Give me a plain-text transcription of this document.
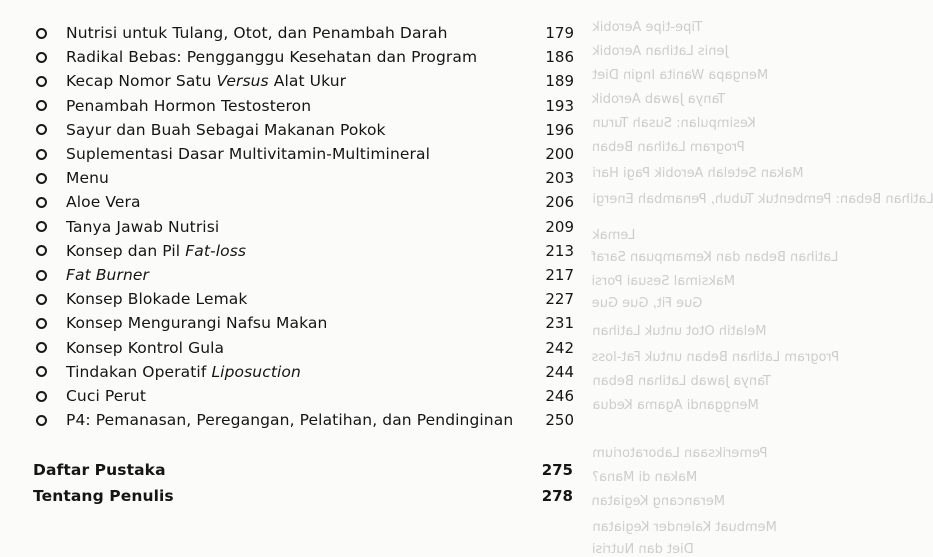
Tipe-tipe Aerobik
Jenis Latihan Aerobik
Mengapa Wanita Ingin Diet
Tanya Jawab Aerobik
Kesimpulan: Susah Turun
Program Latihan Beban
Makan Setelah Aerobik Pagi Hari
Latihan Beban: Pembentuk Tubuh, Penambah Energi
Lemak
Latihan Beban dan Kemampuan Saraf
Maksimal Sesuai Porsi
Gue Fit, Gue Gue
Melatih Otot untuk Latihan
Program Latihan Beban untuk Fat-loss
Tanya Jawab Latihan Beban
Menggandi Agama Kedua
Pemeriksaan Laboratorium
Makan di Mana?
Merancang Kegiatan
Membuat Kalender Kegiatan
Diet dan Nutrisi
Nutrisi untuk Tulang, Otot, dan Penambah Darah	179
Radikal Bebas: Pengganggu Kesehatan dan Program	186
Kecap Nomor Satu Versus Alat Ukur	189
Penambah Hormon Testosteron	193
Sayur dan Buah Sebagai Makanan Pokok	196
Suplementasi Dasar Multivitamin-Multimineral	200
Menu	203
Aloe Vera	206
Tanya Jawab Nutrisi	209
Konsep dan Pil Fat-loss	213
Fat Burner	217
Konsep Blokade Lemak	227
Konsep Mengurangi Nafsu Makan	231
Konsep Kontrol Gula	242
Tindakan Operatif Liposuction	244
Cuci Perut	246
P4: Pemanasan, Peregangan, Pelatihan, dan Pendinginan 250
Daftar Pustaka	275
Tentang Penulis	278
